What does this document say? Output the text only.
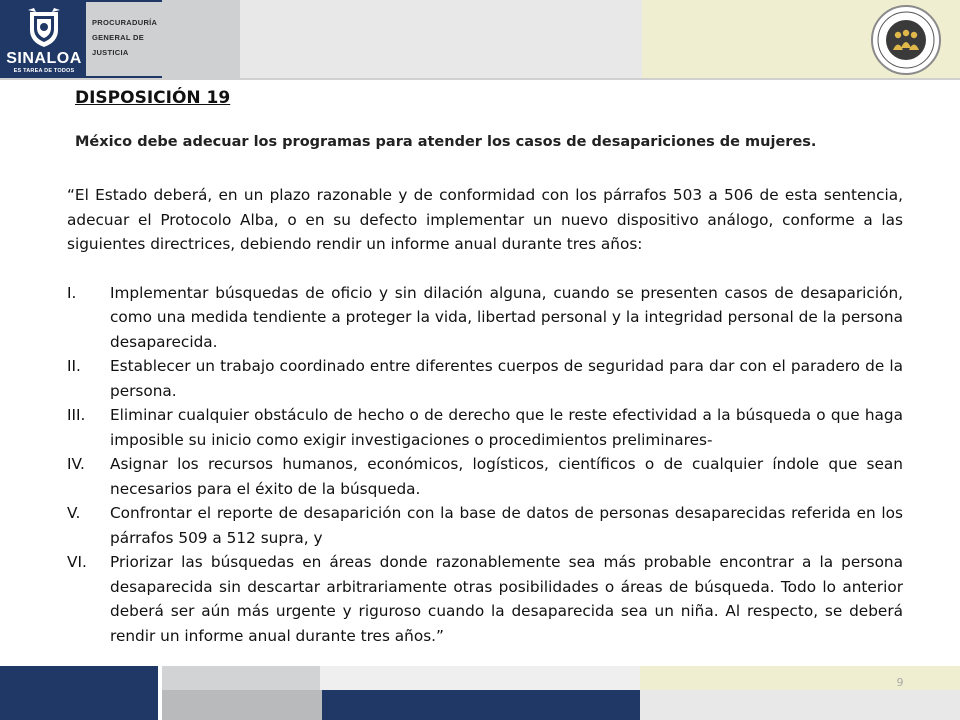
SINALOA
ES TAREA DE TODOS
PROCURADURÍA
GENERAL DE
JUSTICIA
DISPOSICIÓN 19
México debe adecuar los programas para atender los casos de desapariciones de mujeres.

“El Estado deberá, en un plazo razonable y de conformidad con los párrafos 503 a 506 de esta sentencia, adecuar el Protocolo Alba, o en su defecto implementar un nuevo dispositivo análogo, conforme a las siguientes directrices, debiendo rendir un informe anual durante tres años:

I. Implementar búsquedas de oficio y sin dilación alguna, cuando se presenten casos de desaparición, como una medida tendiente a proteger la vida, libertad personal y la integridad personal de la persona desaparecida.
II. Establecer un trabajo coordinado entre diferentes cuerpos de seguridad para dar con el paradero de la persona.
III. Eliminar cualquier obstáculo de hecho o de derecho que le reste efectividad a la búsqueda o que haga imposible su inicio como exigir investigaciones o procedimientos preliminares-
IV. Asignar los recursos humanos, económicos, logísticos, científicos o de cualquier índole que sean necesarios para el éxito de la búsqueda.
V. Confrontar el reporte de desaparición con la base de datos de personas desaparecidas referida en los párrafos 509 a 512 supra, y
VI. Priorizar las búsquedas en áreas donde razonablemente sea más probable encontrar a la persona desaparecida sin descartar arbitrariamente otras posibilidades o áreas de búsqueda. Todo lo anterior deberá ser aún más urgente y riguroso cuando la desaparecida sea un niña. Al respecto, se deberá rendir un informe anual durante tres años.”
9
